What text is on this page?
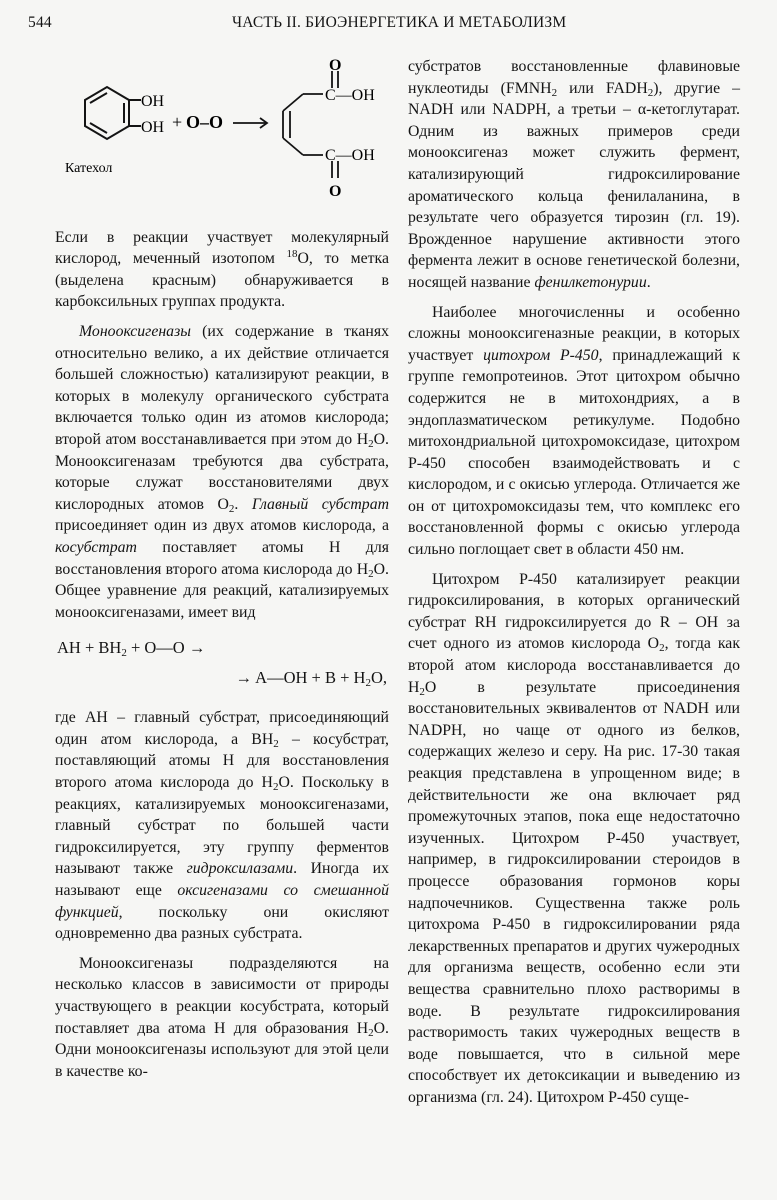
544	ЧАСТЬ II. БИОЭНЕРГЕТИКА И МЕТАБОЛИЗМ
OH
OH + O–O
O
C—OH
C—OH
O
Катехол

Если в реакции участвует молекулярный кислород, меченный изотопом $^{18}$O, то метка (выделена красным) обнаруживается в карбоксильных группах продукта.

Монооксигеназы (их содержание в тканях относительно велико, а их действие отличается большей сложностью) катализируют реакции, в которых в молекулу органического субстрата включается только один из атомов кислорода; второй атом восстанавливается при этом до $H_2O$. Монооксигеназам требуются два субстрата, которые служат восстановителями двух кислородных атомов $O_2$. Главный субстрат присоединяет один из двух атомов кислорода, а косубстрат поставляет атомы H для восстановления второго атома кислорода до $H_2O$. Общее уравнение для реакций, катализируемых монооксигеназами, имеет вид

AH + $BH_2$ + O—O →
→ A—OH + $B + H_2O$,

где AH – главный субстрат, присоединяющий один атом кислорода, а $BH_2$ – косубстрат, поставляющий атомы H для восстановления второго атома кислорода до $H_2O$. Поскольку в реакциях, катализируемых монооксигеназами, главный субстрат по большей части гидроксилируется, эту группу ферментов называют также гидроксилазами. Иногда их называют еще оксигеназами со смешанной функцией, поскольку они окисляют одновременно два разных субстрата.

Монооксигеназы подразделяются на несколько классов в зависимости от природы участвующего в реакции косубстрата, который поставляет два атома H для образования $H_2O$. Одни монооксигеназы используют для этой цели в качестве ко-

субстратов восстановленные флавиновые нуклеотиды ($FMNH_2$ или $FADH_2$), другие – NADH или NADPH, а третьи – α-кетоглутарат. Одним из важных примеров среди монооксигеназ может служить фермент, катализирующий гидроксилирование ароматического кольца фенилаланина, в результате чего образуется тирозин (гл. 19). Врожденное нарушение активности этого фермента лежит в основе генетической болезни, носящей название фенилкетонурии.

Наиболее многочисленны и особенно сложны монооксигеназные реакции, в которых участвует цитохром P-450, принадлежащий к группе гемопротеинов. Этот цитохром обычно содержится не в митохондриях, а в эндоплазматическом ретикулуме. Подобно митохондриальной цитохромоксидазе, цитохром P-450 способен взаимодействовать и с кислородом, и с окисью углерода. Отличается же он от цитохромоксидазы тем, что комплекс его восстановленной формы с окисью углерода сильно поглощает свет в области 450 нм.

Цитохром P-450 катализирует реакции гидроксилирования, в которых органический субстрат RH гидроксилируется до R – OH за счет одного из атомов кислорода $O_2$, тогда как второй атом кислорода восстанавливается до $H_2O$ в результате присоединения восстановительных эквивалентов от NADH или NADPH, но чаще от одного из белков, содержащих железо и серу. На рис. 17-30 такая реакция представлена в упрощенном виде; в действительности же она включает ряд промежуточных этапов, пока еще недостаточно изученных. Цитохром P-450 участвует, например, в гидроксилировании стероидов в процессе образования гормонов коры надпочечников. Существенна также роль цитохрома P-450 в гидроксилировании ряда лекарственных препаратов и других чужеродных для организма веществ, особенно если эти вещества сравнительно плохо растворимы в воде. В результате гидроксилирования растворимость таких чужеродных веществ в воде повышается, что в сильной мере способствует их детоксикации и выведению из организма (гл. 24). Цитохром P-450 суще-
